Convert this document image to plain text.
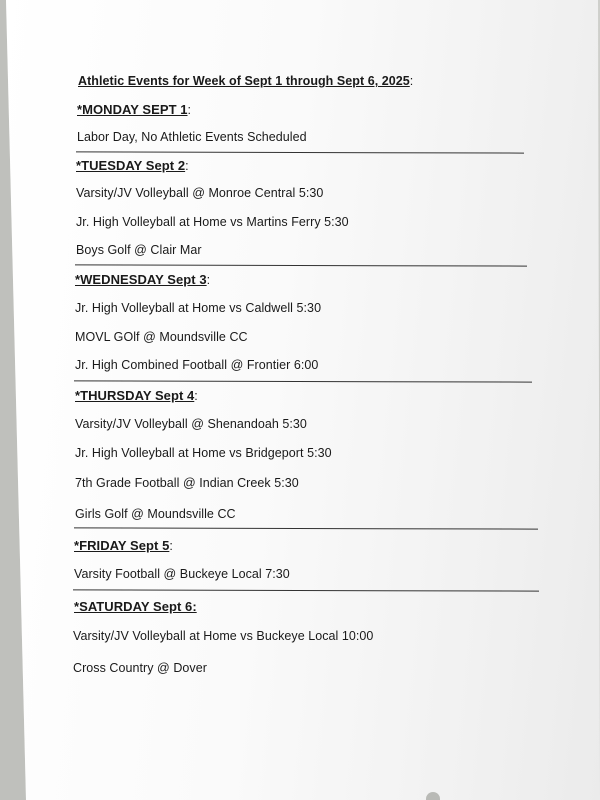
Athletic Events for Week of Sept 1 through Sept 6, 2025:
*MONDAY SEPT 1:
Labor Day, No Athletic Events Scheduled
*TUESDAY Sept 2:
Varsity/JV Volleyball @ Monroe Central 5:30
Jr. High Volleyball at Home vs Martins Ferry 5:30
Boys Golf @ Clair Mar
*WEDNESDAY Sept 3:
Jr. High Volleyball at Home vs Caldwell 5:30
MOVL GOlf @ Moundsville CC
Jr. High Combined Football @ Frontier 6:00
*THURSDAY Sept 4:
Varsity/JV Volleyball @ Shenandoah 5:30
Jr. High Volleyball at Home vs Bridgeport 5:30
7th Grade Football @ Indian Creek 5:30
Girls Golf @ Moundsville CC
*FRIDAY Sept 5:
Varsity Football @ Buckeye Local 7:30
*SATURDAY Sept 6:
Varsity/JV Volleyball at Home vs Buckeye Local 10:00
Cross Country @ Dover
